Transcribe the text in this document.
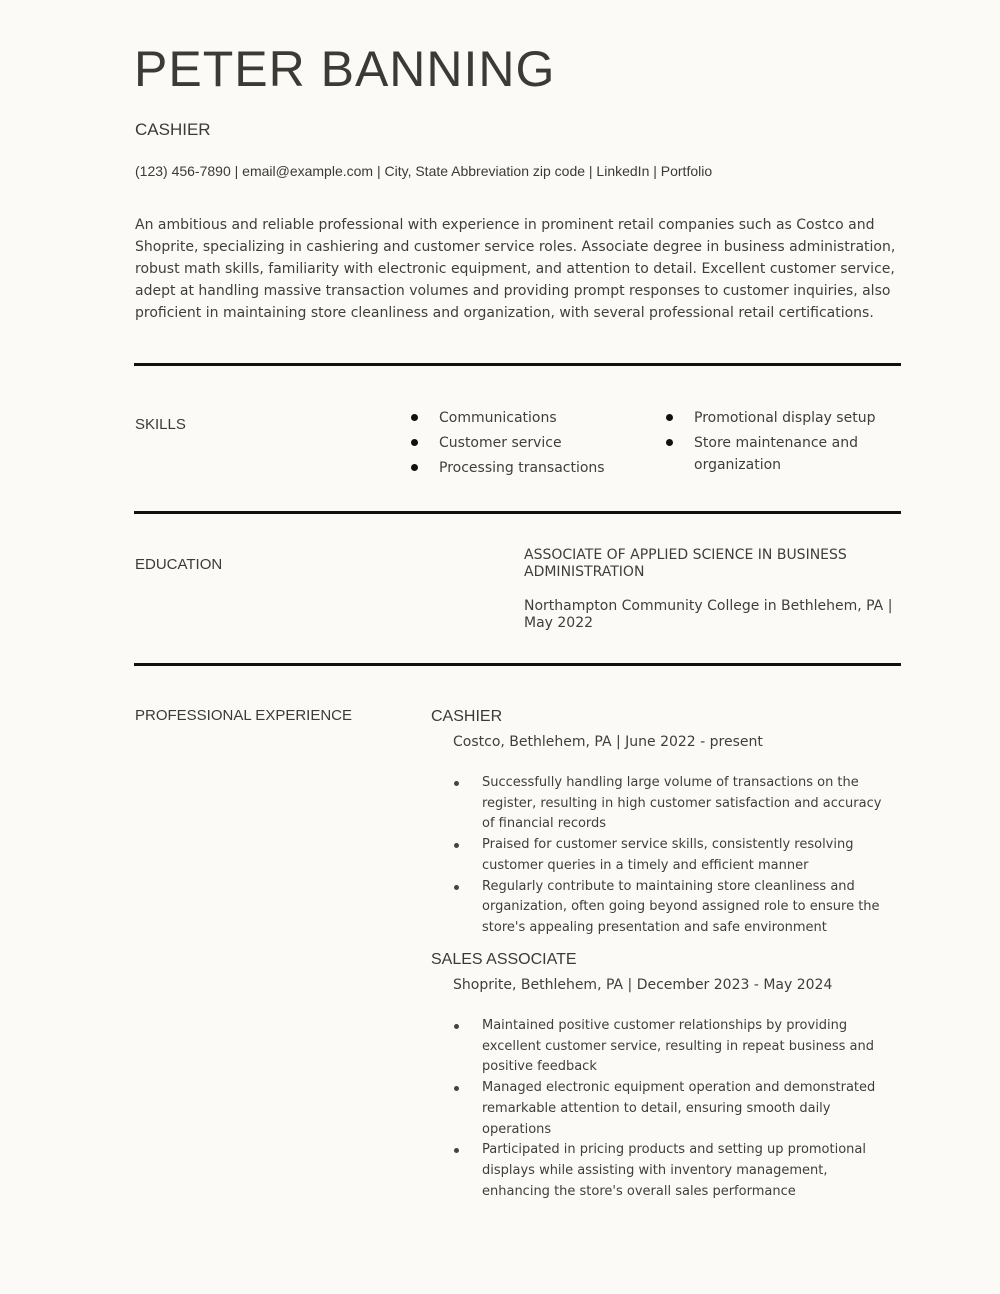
PETER BANNING
CASHIER
(123) 456-7890 | email@example.com | City, State Abbreviation zip code | LinkedIn | Portfolio

An ambitious and reliable professional with experience in prominent retail companies such as Costco and Shoprite, specializing in cashiering and customer service roles. Associate degree in business administration, robust math skills, familiarity with electronic equipment, and attention to detail. Excellent customer service, adept at handling massive transaction volumes and providing prompt responses to customer inquiries, also proficient in maintaining store cleanliness and organization, with several professional retail certifications.

SKILLS	Communications
Customer service
Processing transactions
Promotional display setup
Store maintenance and organization
EDUCATION
ASSOCIATE OF APPLIED SCIENCE IN BUSINESS ADMINISTRATION
Northampton Community College in Bethlehem, PA | May 2022
PROFESSIONAL EXPERIENCE	CASHIER
Costco, Bethlehem, PA | June 2022 - present
Successfully handling large volume of transactions on the register, resulting in high customer satisfaction and accuracy of financial records
Praised for customer service skills, consistently resolving customer queries in a timely and efficient manner
Regularly contribute to maintaining store cleanliness and organization, often going beyond assigned role to ensure the store's appealing presentation and safe environment
SALES ASSOCIATE
Shoprite, Bethlehem, PA | December 2023 - May 2024
Maintained positive customer relationships by providing excellent customer service, resulting in repeat business and positive feedback
Managed electronic equipment operation and demonstrated remarkable attention to detail, ensuring smooth daily operations
Participated in pricing products and setting up promotional displays while assisting with inventory management, enhancing the store's overall sales performance
